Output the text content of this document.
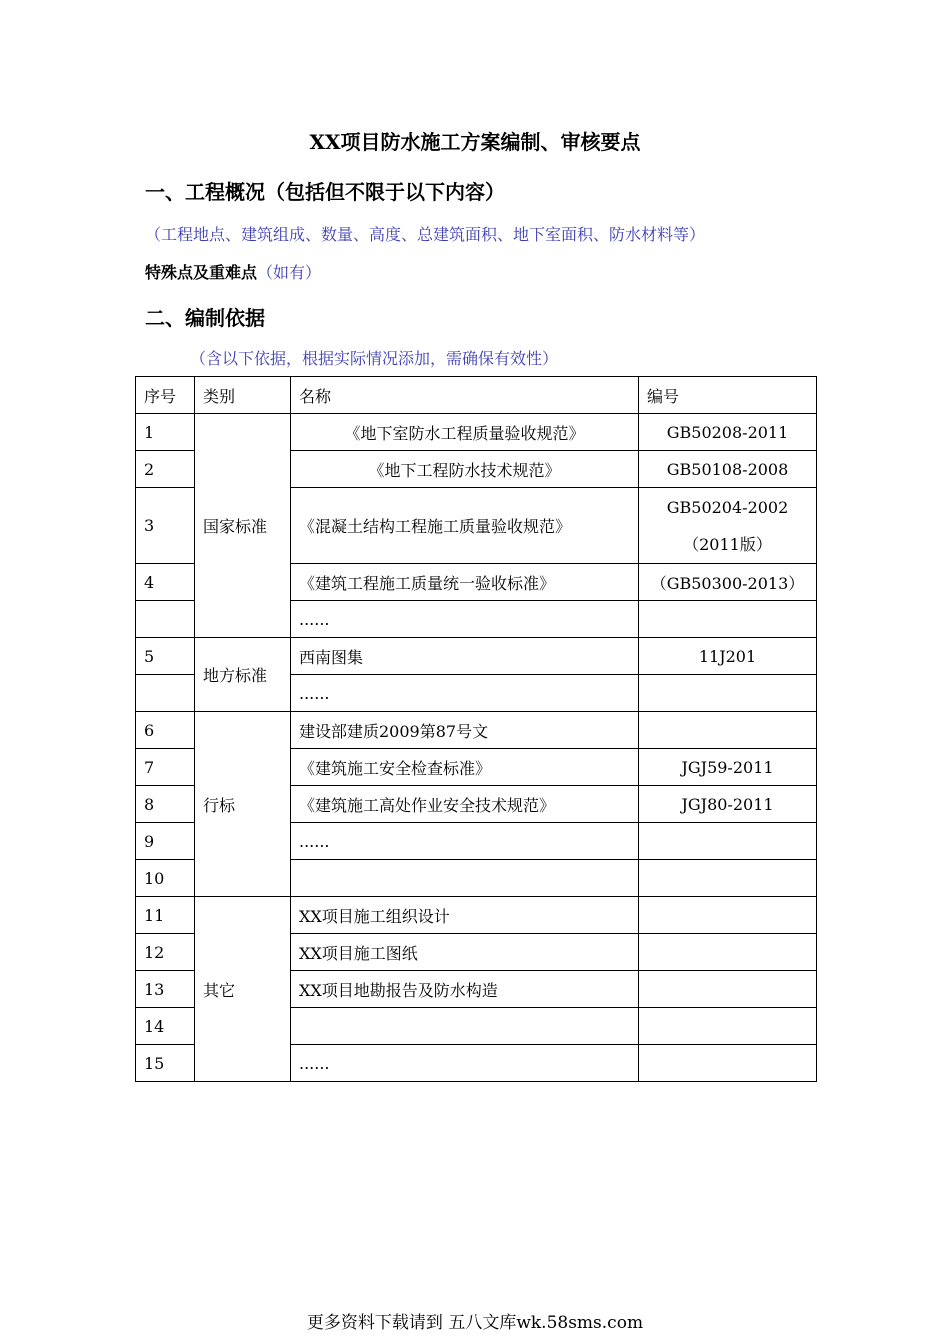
XX项目防水施工方案编制、审核要点
一、工程概况（包括但不限于以下内容）

（工程地点、建筑组成、数量、高度、总建筑面积、地下室面积、防水材料等）

特殊点及重难点（如有）

二、编制依据

（含以下依据，根据实际情况添加，需确保有效性）

序号	类别	名称	编号
1	国家标准	《地下室防水工程质量验收规范》	GB50208-2011
2		《地下工程防水技术规范》	GB50108-2008
3		《混凝土结构工程施工质量验收规范》	GB50204-2002
（2011版）
4		《建筑工程施工质量统一验收标准》	（GB50300-2013）
		......	
5	地方标准	西南图集	11J201
		......	
6	行标	建设部建质2009第87号文	
7		《建筑施工安全检查标准》	JGJ59-2011
8		《建筑施工高处作业安全技术规范》	JGJ80-2011
9		......	
10			
11	其它	XX项目施工组织设计	
12		XX项目施工图纸	
13		XX项目地勘报告及防水构造	
14			
15		......	

更多资料下载请到 五八文库wk.58sms.com
